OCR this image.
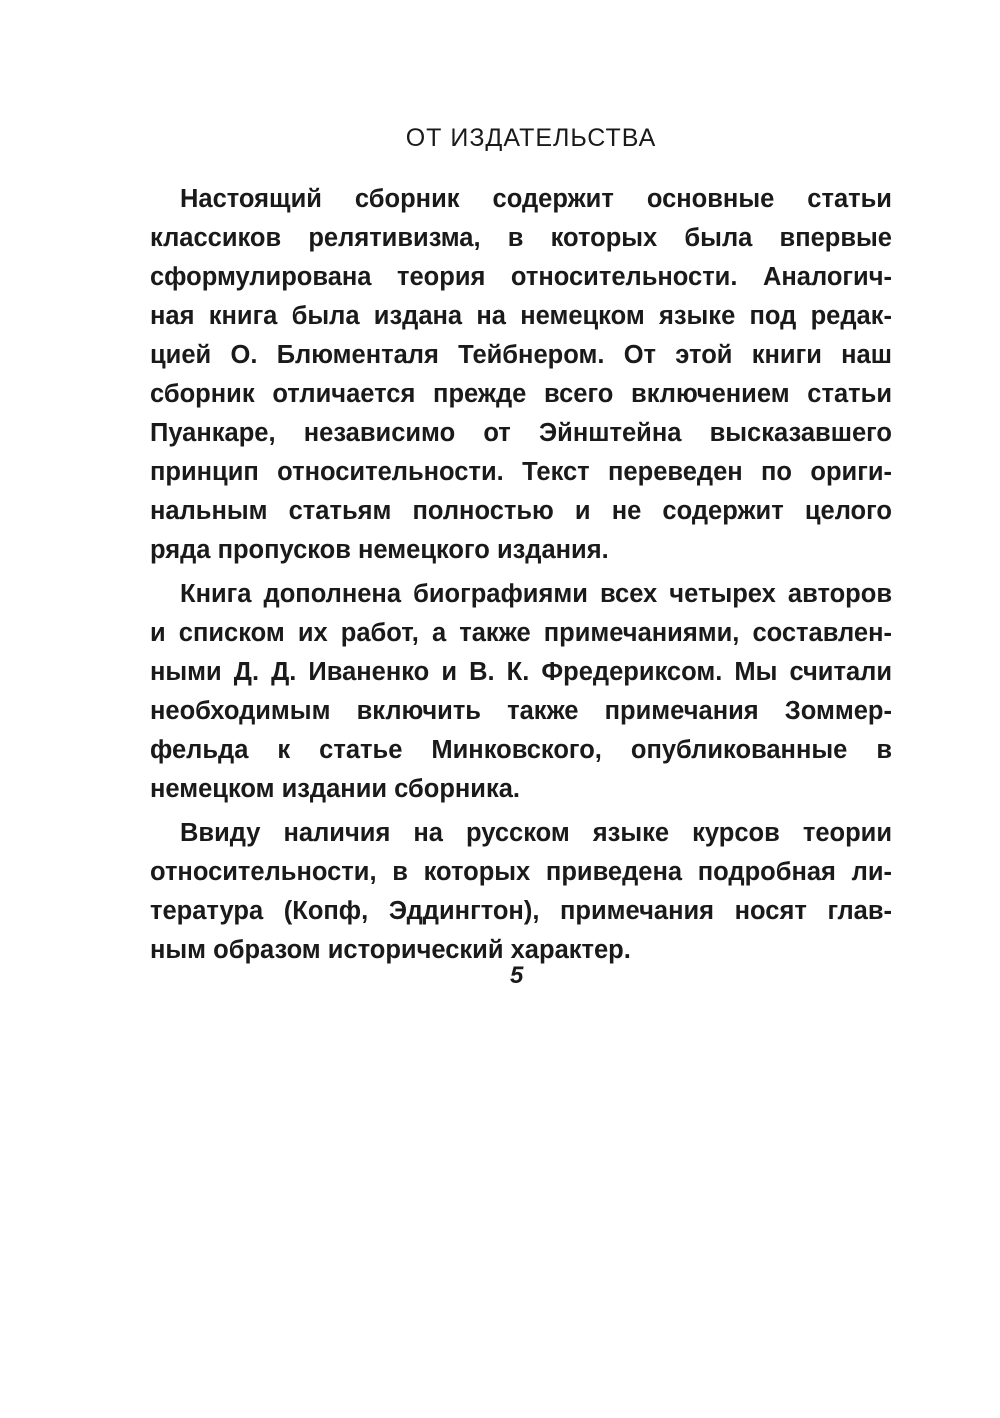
ОТ ИЗДАТЕЛЬСТВА
Настоящий сборник содержит основные статьи
классиков релятивизма, в которых была впервые
сформулирована теория относительности. Аналогич-
ная книга была издана на немецком языке под редак-
цией О. Блюменталя Тейбнером. От этой книги наш
сборник отличается прежде всего включением статьи
Пуанкаре, независимо от Эйнштейна высказавшего
принцип относительности. Текст переведен по ориги-
нальным статьям полностью и не содержит целого
ряда пропусков немецкого издания.
Книга дополнена биографиями всех четырех авторов
и списком их работ, а также примечаниями, составлен-
ными Д. Д. Иваненко и В. К. Фредериксом. Мы считали
необходимым включить также примечания Зоммер-
фельда к статье Минковского, опубликованные в
немецком издании сборника.
Ввиду наличия на русском языке курсов теории
относительности, в которых приведена подробная ли-
тература (Копф, Эддингтон), примечания носят глав-
ным образом исторический характер.
5
